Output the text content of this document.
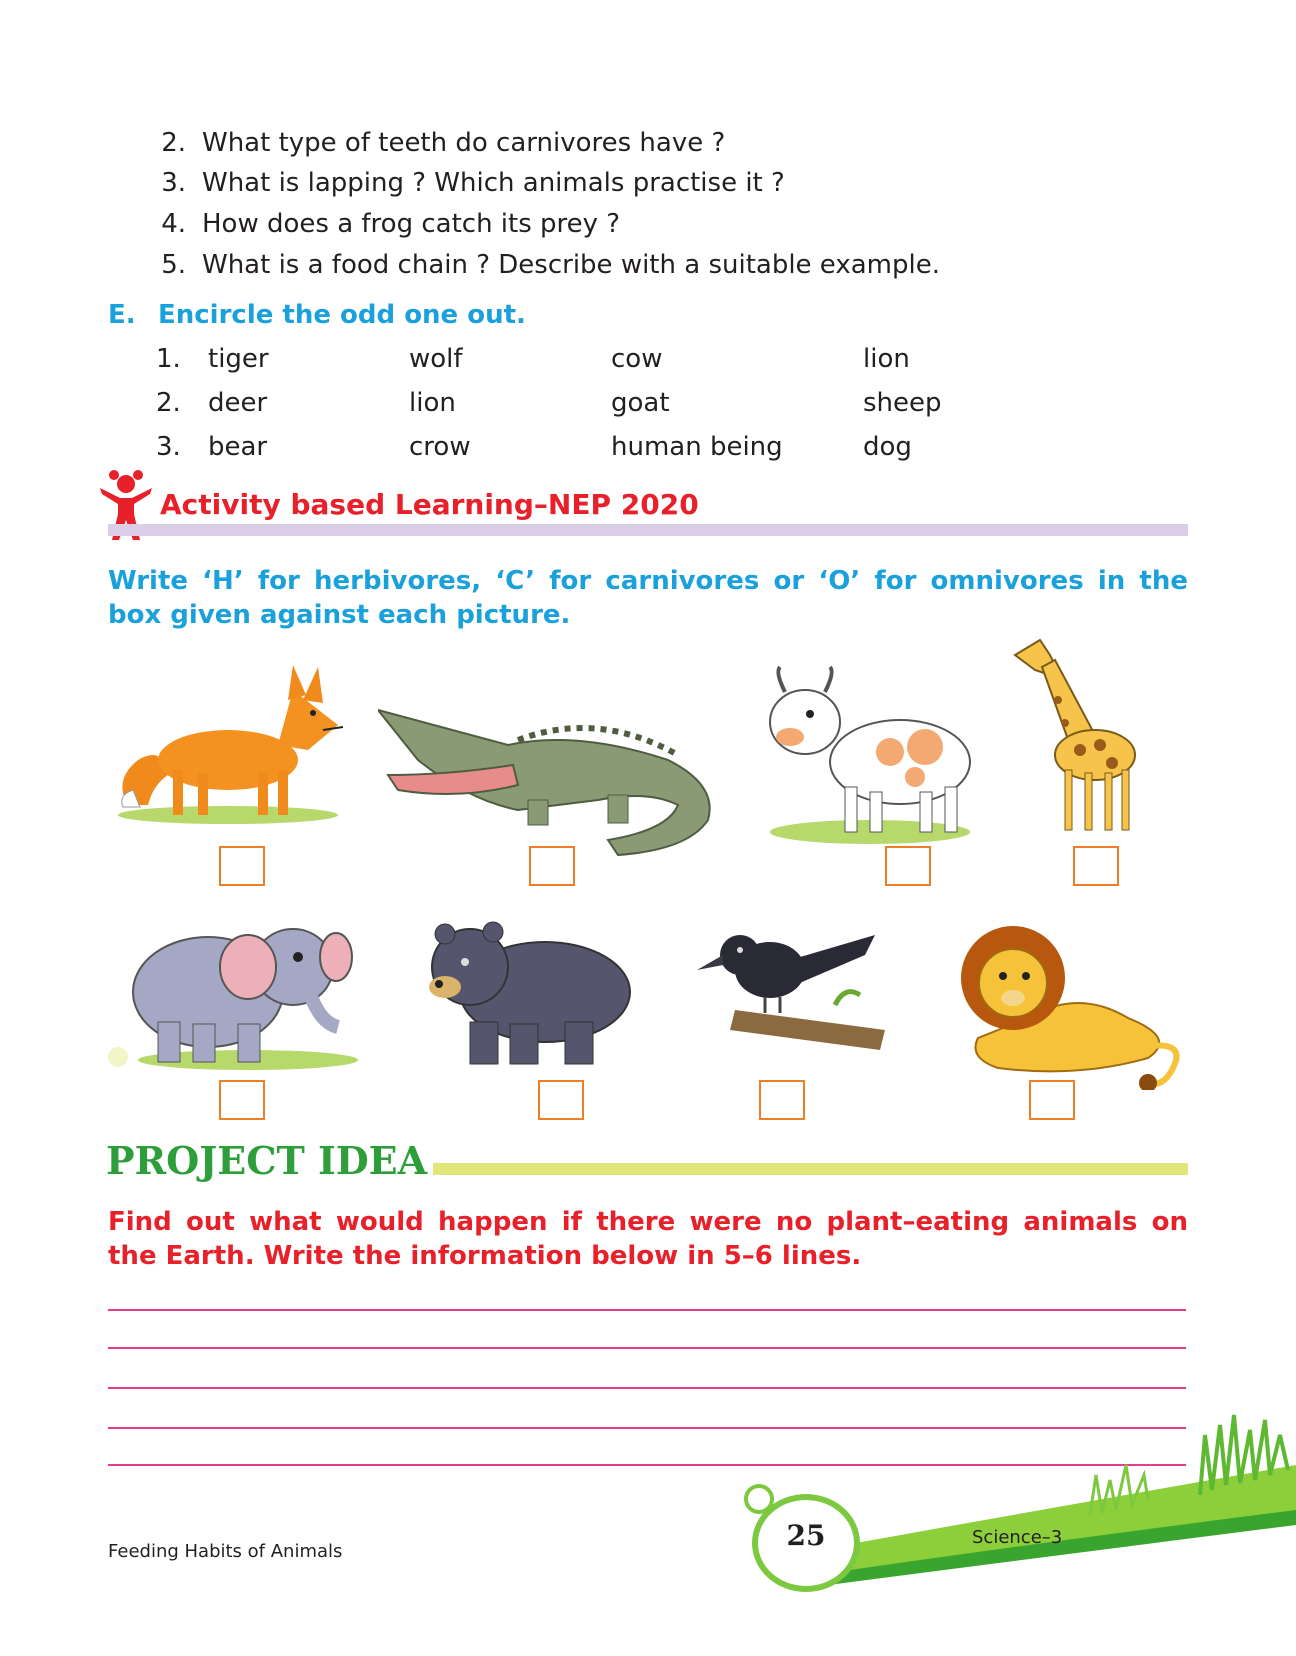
2. What type of teeth do carnivores have ?
3. What is lapping ? Which animals practise it ?
4. How does a frog catch its prey ?
5. What is a food chain ? Describe with a suitable example.
E. Encircle the odd one out.
1. tiger	wolf	cow	lion
2. deer	lion	goat	sheep
3. bear	crow	human being	dog
Activity based Learning–NEP 2020
Write ‘H’ for herbivores, ‘C’ for carnivores or ‘O’ for omnivores in the box given against each picture.
PROJECT IDEA
Find out what would happen if there were no plant–eating animals on the Earth. Write the information below in 5–6 lines.
25
Feeding Habits of Animals
Science–3
